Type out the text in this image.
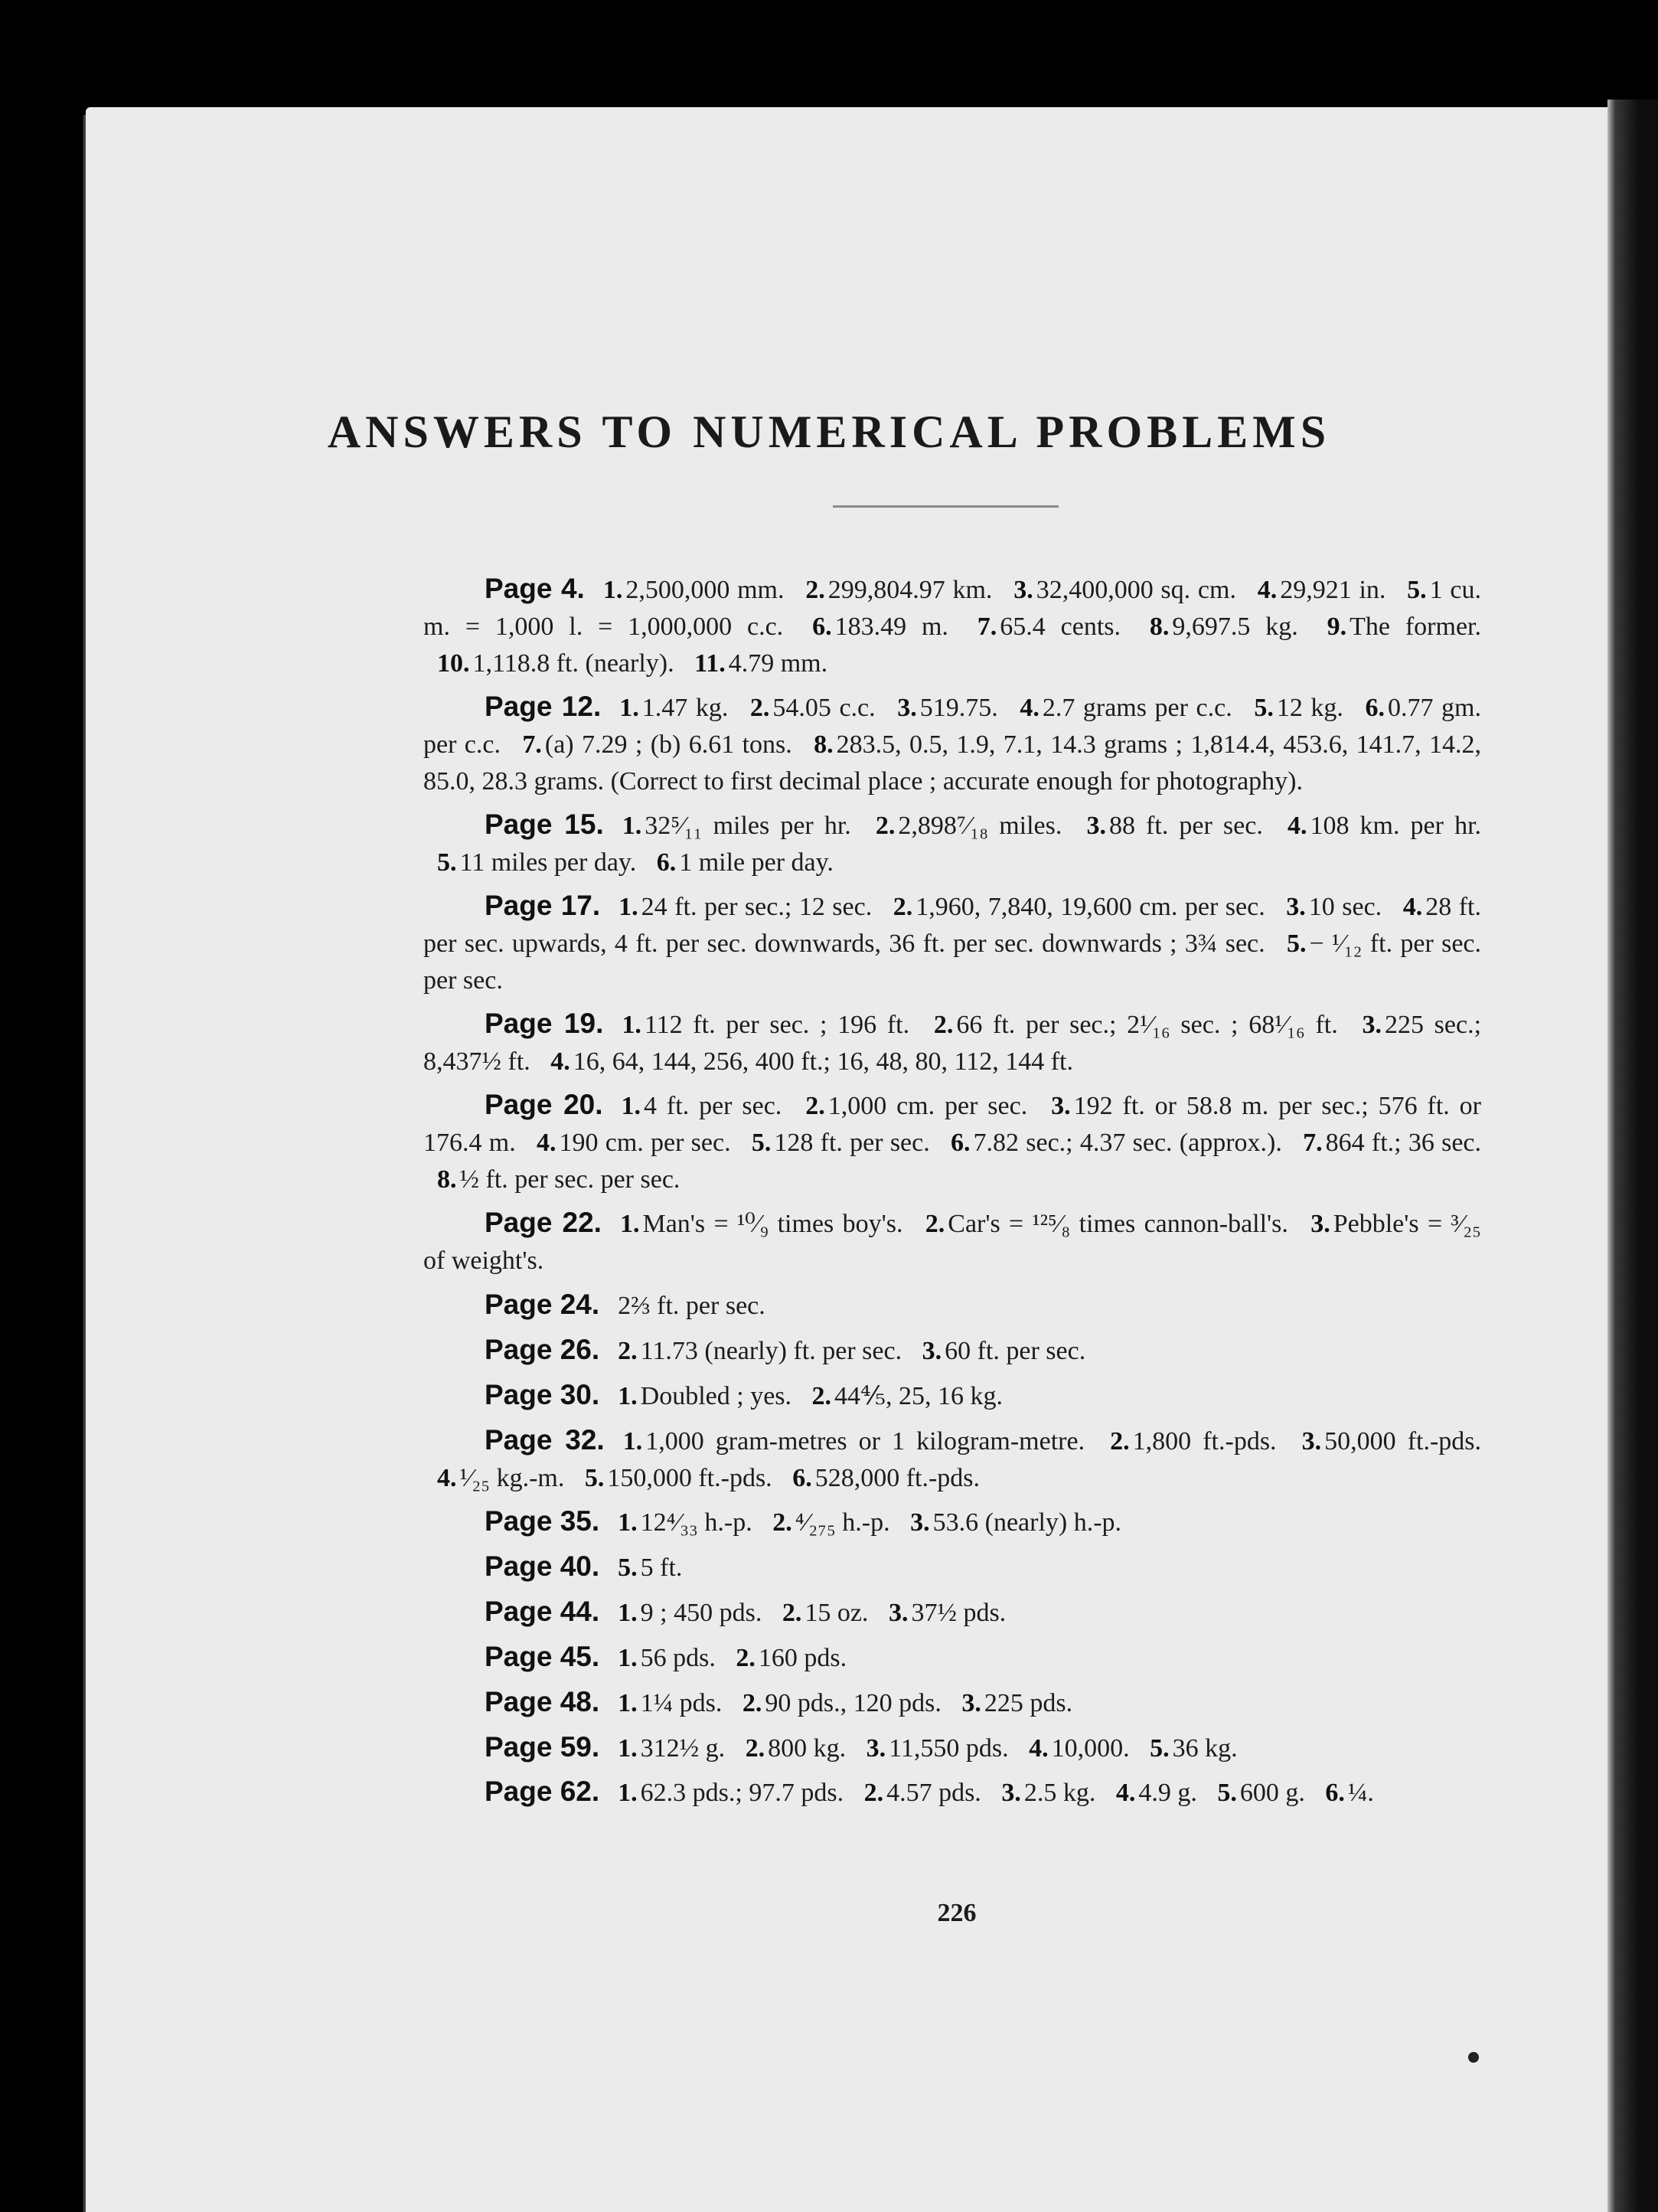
ANSWERS TO NUMERICAL PROBLEMS

Page 4. 1. 2,500,000 mm. 2. 299,804.97 km. 3. 32,400,000 sq. cm. 4. 29,921 in. 5. 1 cu. m. = 1,000 l. = 1,000,000 c.c. 6. 183.49 m. 7. 65.4 cents. 8. 9,697.5 kg. 9. The former. 10. 1,118.8 ft. (nearly). 11. 4.79 mm.

Page 12. 1. 1.47 kg. 2. 54.05 c.c. 3. 519.75. 4. 2.7 grams per c.c. 5. 12 kg. 6. 0.77 gm. per c.c. 7. (a) 7.29 ; (b) 6.61 tons. 8. 283.5, 0.5, 1.9, 7.1, 14.3 grams ; 1,814.4, 453.6, 141.7, 14.2, 85.0, 28.3 grams. (Correct to first decimal place ; accurate enough for photography).

Page 15. 1. 32⁵⁄₁₁ miles per hr. 2. 2,898⁷⁄₁₈ miles. 3. 88 ft. per sec. 4. 108 km. per hr. 5. 11 miles per day. 6. 1 mile per day.

Page 17. 1. 24 ft. per sec.; 12 sec. 2. 1,960, 7,840, 19,600 cm. per sec. 3. 10 sec. 4. 28 ft. per sec. upwards, 4 ft. per sec. downwards, 36 ft. per sec. downwards ; 3¾ sec. 5. − ¹⁄₁₂ ft. per sec. per sec.

Page 19. 1. 112 ft. per sec. ; 196 ft. 2. 66 ft. per sec.; 2¹⁄₁₆ sec. ; 68¹⁄₁₆ ft. 3. 225 sec.; 8,437½ ft. 4. 16, 64, 144, 256, 400 ft.; 16, 48, 80, 112, 144 ft.

Page 20. 1. 4 ft. per sec. 2. 1,000 cm. per sec. 3. 192 ft. or 58.8 m. per sec.; 576 ft. or 176.4 m. 4. 190 cm. per sec. 5. 128 ft. per sec. 6. 7.82 sec.; 4.37 sec. (approx.). 7. 864 ft.; 36 sec. 8. ½ ft. per sec. per sec.

Page 22. 1. Man's = ¹⁰⁄₉ times boy's. 2. Car's = ¹²⁵⁄₈ times cannon-ball's. 3. Pebble's = ³⁄₂₅ of weight's.

Page 24. 2⅔ ft. per sec.

Page 26. 2. 11.73 (nearly) ft. per sec. 3. 60 ft. per sec.

Page 30. 1. Doubled ; yes. 2. 44⅘, 25, 16 kg.

Page 32. 1. 1,000 gram-metres or 1 kilogram-metre. 2. 1,800 ft.-pds. 3. 50,000 ft.-pds. 4. ¹⁄₂₅ kg.-m. 5. 150,000 ft.-pds. 6. 528,000 ft.-pds.

Page 35. 1. 12⁴⁄₃₃ h.-p. 2. ⁴⁄₂₇₅ h.-p. 3. 53.6 (nearly) h.-p.

Page 40. 5. 5 ft.

Page 44. 1. 9 ; 450 pds. 2. 15 oz. 3. 37½ pds.

Page 45. 1. 56 pds. 2. 160 pds.

Page 48. 1. 1¼ pds. 2. 90 pds., 120 pds. 3. 225 pds.

Page 59. 1. 312½ g. 2. 800 kg. 3. 11,550 pds. 4. 10,000. 5. 36 kg.

Page 62. 1. 62.3 pds.; 97.7 pds. 2. 4.57 pds. 3. 2.5 kg. 4. 4.9 g. 5. 600 g. 6. ¼.

226
